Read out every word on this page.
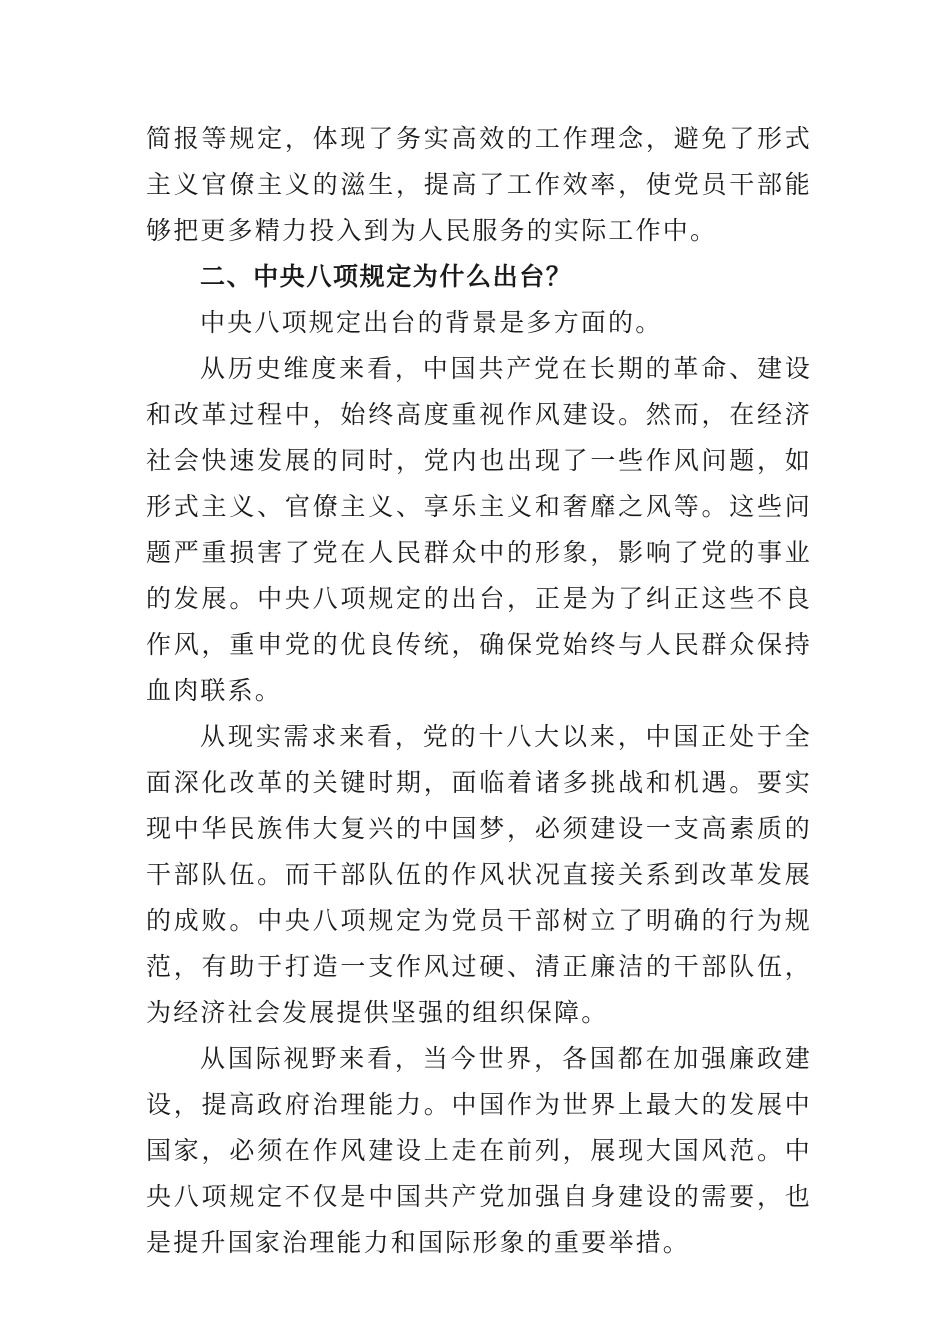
简报等规定，体现了务实高效的工作理念，避免了形式主义官僚主义的滋生，提高了工作效率，使党员干部能够把更多精力投入到为人民服务的实际工作中。

二、中央八项规定为什么出台？

中央八项规定出台的背景是多方面的。

从历史维度来看，中国共产党在长期的革命、建设和改革过程中，始终高度重视作风建设。然而，在经济社会快速发展的同时，党内也出现了一些作风问题，如形式主义、官僚主义、享乐主义和奢靡之风等。这些问题严重损害了党在人民群众中的形象，影响了党的事业的发展。中央八项规定的出台，正是为了纠正这些不良作风，重申党的优良传统，确保党始终与人民群众保持血肉联系。

从现实需求来看，党的十八大以来，中国正处于全面深化改革的关键时期，面临着诸多挑战和机遇。要实现中华民族伟大复兴的中国梦，必须建设一支高素质的干部队伍。而干部队伍的作风状况直接关系到改革发展的成败。中央八项规定为党员干部树立了明确的行为规范，有助于打造一支作风过硬、清正廉洁的干部队伍，为经济社会发展提供坚强的组织保障。

从国际视野来看，当今世界，各国都在加强廉政建设，提高政府治理能力。中国作为世界上最大的发展中国家，必须在作风建设上走在前列，展现大国风范。中央八项规定不仅是中国共产党加强自身建设的需要，也是提升国家治理能力和国际形象的重要举措。
